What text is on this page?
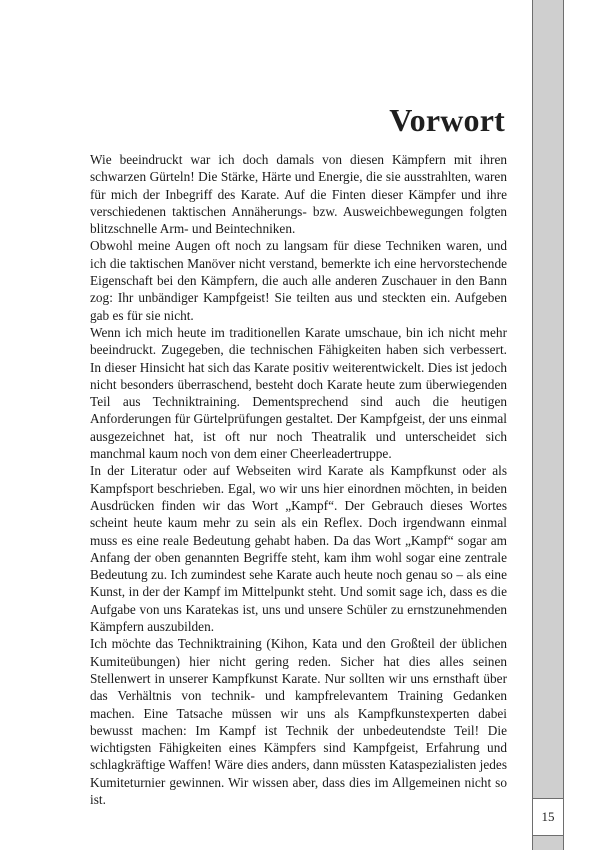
15
Vorwort

Wie beeindruckt war ich doch damals von diesen Kämpfern mit ihren schwarzen Gürteln! Die Stärke, Härte und Energie, die sie ausstrahlten, waren für mich der Inbegriff des Karate. Auf die Finten dieser Kämpfer und ihre verschiedenen taktischen Annäherungs- bzw. Ausweichbewegungen folgten blitzschnelle Arm- und Beintechniken.

Obwohl meine Augen oft noch zu langsam für diese Techniken waren, und ich die taktischen Manöver nicht verstand, bemerkte ich eine hervorstechende Eigenschaft bei den Kämpfern, die auch alle anderen Zuschauer in den Bann zog: Ihr unbändiger Kampfgeist! Sie teilten aus und steckten ein. Aufgeben gab es für sie nicht.

Wenn ich mich heute im traditionellen Karate umschaue, bin ich nicht mehr beeindruckt. Zugegeben, die technischen Fähigkeiten haben sich verbessert. In dieser Hinsicht hat sich das Karate positiv weiterentwickelt. Dies ist jedoch nicht besonders überraschend, besteht doch Karate heute zum überwiegenden Teil aus Techniktraining. Dementsprechend sind auch die heutigen Anforderungen für Gürtelprüfungen gestaltet. Der Kampfgeist, der uns einmal ausgezeichnet hat, ist oft nur noch Theatralik und unterscheidet sich manchmal kaum noch von dem einer Cheerleadertruppe.

In der Literatur oder auf Webseiten wird Karate als Kampfkunst oder als Kampfsport beschrieben. Egal, wo wir uns hier einordnen möchten, in beiden Ausdrücken finden wir das Wort „Kampf“. Der Gebrauch dieses Wortes scheint heute kaum mehr zu sein als ein Reflex. Doch irgendwann einmal muss es eine reale Bedeutung gehabt haben. Da das Wort „Kampf“ sogar am Anfang der oben genannten Begriffe steht, kam ihm wohl sogar eine zentrale Bedeutung zu. Ich zumindest sehe Karate auch heute noch genau so – als eine Kunst, in der der Kampf im Mittelpunkt steht. Und somit sage ich, dass es die Aufgabe von uns Karatekas ist, uns und unsere Schüler zu ernstzunehmenden Kämpfern auszubilden.

Ich möchte das Techniktraining (Kihon, Kata und den Großteil der üblichen Kumiteübungen) hier nicht gering reden. Sicher hat dies alles seinen Stellenwert in unserer Kampfkunst Karate. Nur sollten wir uns ernsthaft über das Verhältnis von technik- und kampfrelevantem Training Gedanken machen. Eine Tatsache müssen wir uns als Kampfkunstexperten dabei bewusst machen: Im Kampf ist Technik der unbedeutendste Teil! Die wichtigsten Fähigkeiten eines Kämpfers sind Kampfgeist, Erfahrung und schlagkräftige Waffen! Wäre dies anders, dann müssten Kataspezialisten jedes Kumiteturnier gewinnen. Wir wissen aber, dass dies im Allgemeinen nicht so ist.
